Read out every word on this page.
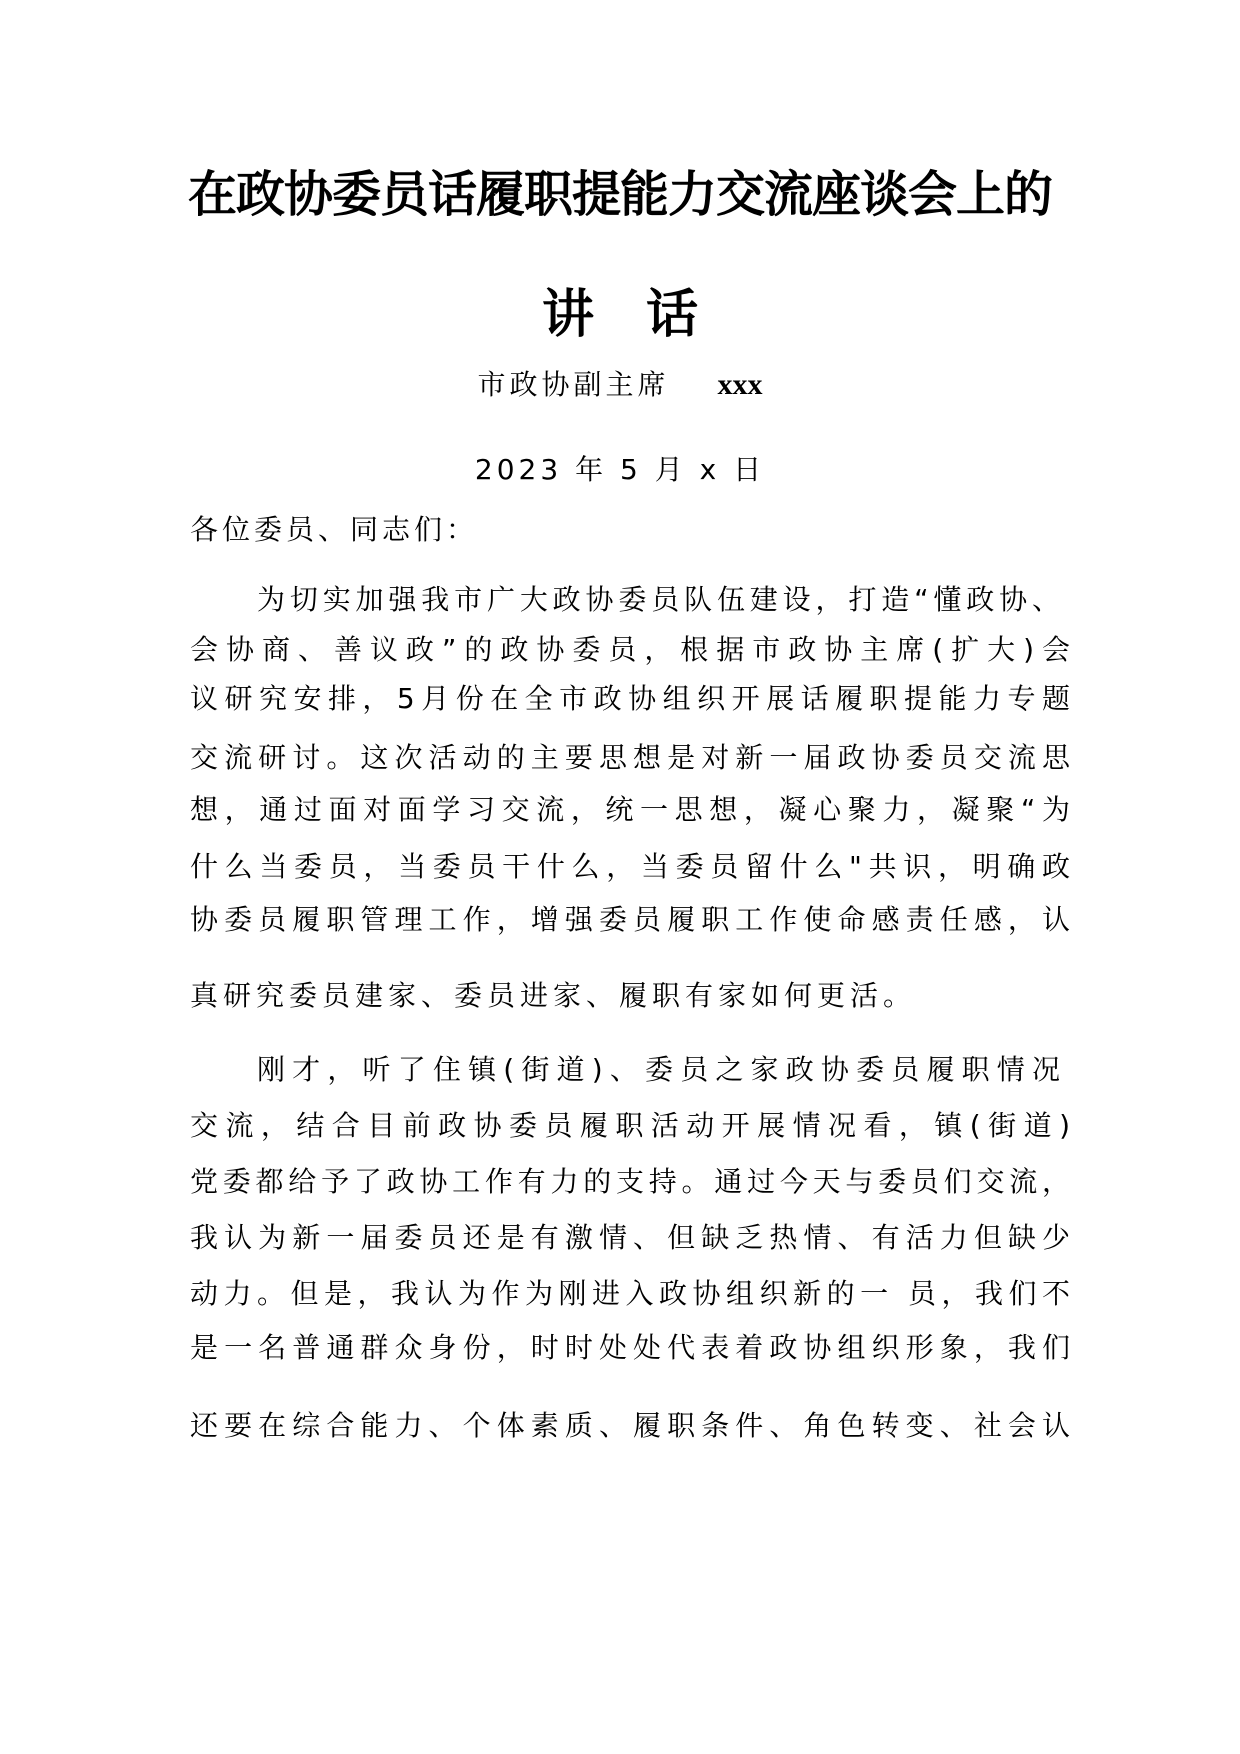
在政协委员话履职提能力交流座谈会上的
讲话
市政协副主席 xxx
2023 年 5 月 x 日
各位委员、同志们：
为切实加强我市广大政协委员队伍建设，打造“懂政协、
会协商、善议政”的政协委员，根据市政协主席(扩大)会
议研究安排，5月份在全市政协组织开展话履职提能力专题
交流研讨。这次活动的主要思想是对新一届政协委员交流思
想，通过面对面学习交流，统一思想，凝心聚力，凝聚“为
什么当委员，当委员干什么，当委员留什么"共识，明确政
协委员履职管理工作，增强委员履职工作使命感责任感，认
真研究委员建家、委员进家、履职有家如何更活。
刚才，听了住镇(街道)、委员之家政协委员履职情况
交流，结合目前政协委员履职活动开展情况看，镇(街道)
党委都给予了政协工作有力的支持。通过今天与委员们交流，
我认为新一届委员还是有激情、但缺乏热情、有活力但缺少
动力。但是，我认为作为刚进入政协组织新的一 员，我们不
是一名普通群众身份，时时处处代表着政协组织形象，我们
还要在综合能力、个体素质、履职条件、角色转变、社会认
